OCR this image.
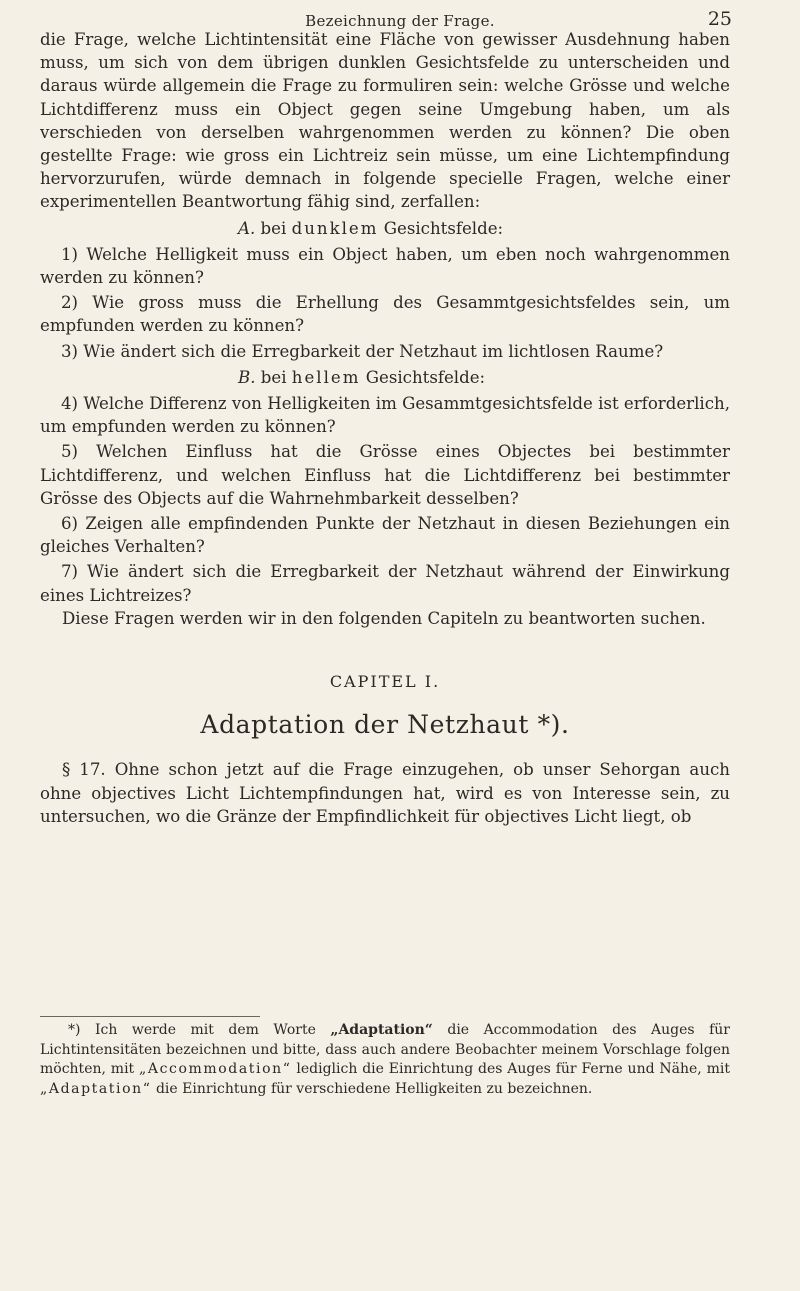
Bezeichnung der Frage.	25

die Frage, welche Lichtintensität eine Fläche von gewisser Ausdehnung haben muss, um sich von dem übrigen dunklen Gesichtsfelde zu unterscheiden und daraus würde allgemein die Frage zu formuliren sein: welche Grösse und welche Lichtdifferenz muss ein Object gegen seine Umgebung haben, um als verschieden von derselben wahrgenommen werden zu können? Die oben gestellte Frage: wie gross ein Lichtreiz sein müsse, um eine Lichtempfindung hervorzurufen, würde demnach in folgende specielle Fragen, welche einer experimentellen Beantwortung fähig sind, zerfallen:

A. bei dunklem Gesichtsfelde:

1) Welche Helligkeit muss ein Object haben, um eben noch wahrgenommen werden zu können?

2) Wie gross muss die Erhellung des Gesammtgesichtsfeldes sein, um empfunden werden zu können?

3) Wie ändert sich die Erregbarkeit der Netzhaut im lichtlosen Raume?

B. bei hellem Gesichtsfelde:

4) Welche Differenz von Helligkeiten im Gesammtgesichtsfelde ist erforderlich, um empfunden werden zu können?

5) Welchen Einfluss hat die Grösse eines Objectes bei bestimmter Lichtdifferenz, und welchen Einfluss hat die Lichtdifferenz bei bestimmter Grösse des Objects auf die Wahrnehmbarkeit desselben?

6) Zeigen alle empfindenden Punkte der Netzhaut in diesen Beziehungen ein gleiches Verhalten?

7) Wie ändert sich die Erregbarkeit der Netzhaut während der Einwirkung eines Lichtreizes?

Diese Fragen werden wir in den folgenden Capiteln zu beantworten suchen.

CAPITEL I.
Adaptation der Netzhaut *).

§ 17. Ohne schon jetzt auf die Frage einzugehen, ob unser Sehorgan auch ohne objectives Licht Lichtempfindungen hat, wird es von Interesse sein, zu untersuchen, wo die Gränze der Empfindlichkeit für objectives Licht liegt, ob

*) Ich werde mit dem Worte „Adaptation“ die Accommodation des Auges für Lichtintensitäten bezeichnen und bitte, dass auch andere Beobachter meinem Vorschlage folgen möchten, mit „Accommodation“ lediglich die Einrichtung des Auges für Ferne und Nähe, mit „Adaptation“ die Einrichtung für verschiedene Helligkeiten zu bezeichnen.
